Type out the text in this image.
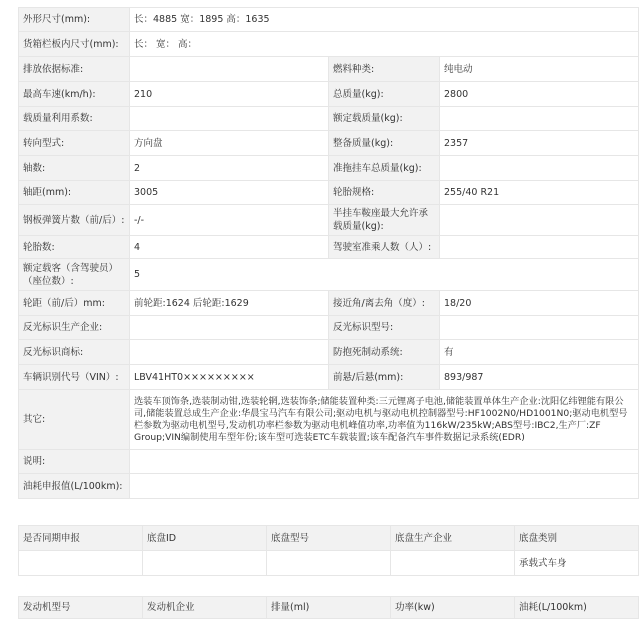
外形尺寸(mm):	长：4885 宽：1895 高：1635		
货箱栏板内尺寸(mm):	长： 宽： 高：		
排放依据标准:		燃料种类:	纯电动
最高车速(km/h):	210	总质量(kg):	2800
载质量利用系数:		额定载质量(kg):	
转向型式:	方向盘	整备质量(kg):	2357
轴数:	2	准拖挂车总质量(kg):	
轴距(mm):	3005	轮胎规格:	255/40 R21
钢板弹簧片数（前/后）:	-/-	半挂车鞍座最大允许承载质量(kg):	
轮胎数:	4	驾驶室准乘人数（人）:	
额定载客（含驾驶员）（座位数）:	5		
轮距（前/后）mm:	前轮距:1624 后轮距:1629	接近角/离去角（度）:	18/20
反光标识生产企业:		反光标识型号:	
反光标识商标:		防抱死制动系统:	有
车辆识别代号（VIN）:	LBV41HT0×××××××××	前悬/后悬(mm):	893/987
其它:	选装车顶饰条,选装制动钳,选装轮辋,选装饰条;储能装置种类:三元锂离子电池,储能装置单体生产企业:沈阳亿纬锂能有限公司,储能装置总成生产企业:华晨宝马汽车有限公司;驱动电机与驱动电机控制器型号:HF1002N0/HD1001N0;驱动电机型号栏参数为驱动电机型号,发动机功率栏参数为驱动电机峰值功率,功率值为116kW/235kW;ABS型号:IBC2,生产厂:ZF Group;VIN编制使用车型年份;该车型可选装ETC车载装置;该车配备汽车事件数据记录系统(EDR)		
说明:			
油耗申报值(L/100km):			
是否同期申报	底盘ID	底盘型号	底盘生产企业	底盘类别
				承载式车身
发动机型号	发动机企业	排量(ml)	功率(kw)	油耗(L/100km)
